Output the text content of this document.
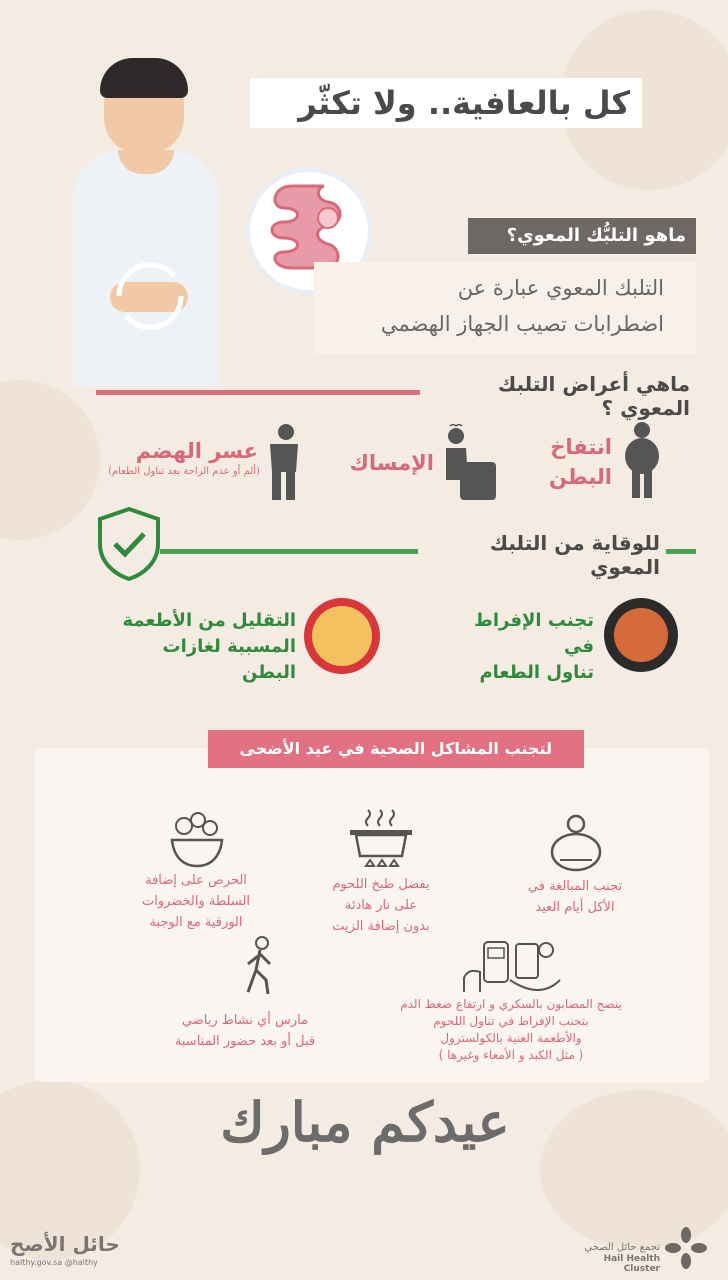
كل بالعافية.. ولا تكثّر
ماهو التلبُّك المعوي؟
التلبك المعوي عبارة عن
اضطرابات تصيب الجهاز الهضمي
ماهي أعراض التلبك المعوي ؟
انتفاخ
البطن
الإمساك
عسر الهضم
(ألم أو عدم الراحة بعد تناول الطعام)
للوقاية من التلبك المعوي
تجنب الإفراط في
تناول الطعام
التقليل من الأطعمة
المسببة لغازات البطن
لتجنب المشاكل الصحية في عيد الأضحى
تجنب المبالغة في
الأكل أيام العيد
يفضل طبخ اللحوم
على نار هادئة
بدون إضافة الزيت
الحرص على إضافة
السلطة والخضروات
الورقية مع الوجبة
ينصح المصابون بالسكري و ارتفاع ضغط الدم
بتجنب الإفراط في تناول اللحوم
والأطعمة الغنية بالكولسترول
( مثل الكبد و الأمعاء وغيرها )
مارس أي نشاط رياضي
قبل أو بعد حضور المناسبة
عيدكم مبارك
حائل الأصح
halthy.gov.sa @halthy
تجمع حائل الصحي
Hail Health Cluster
